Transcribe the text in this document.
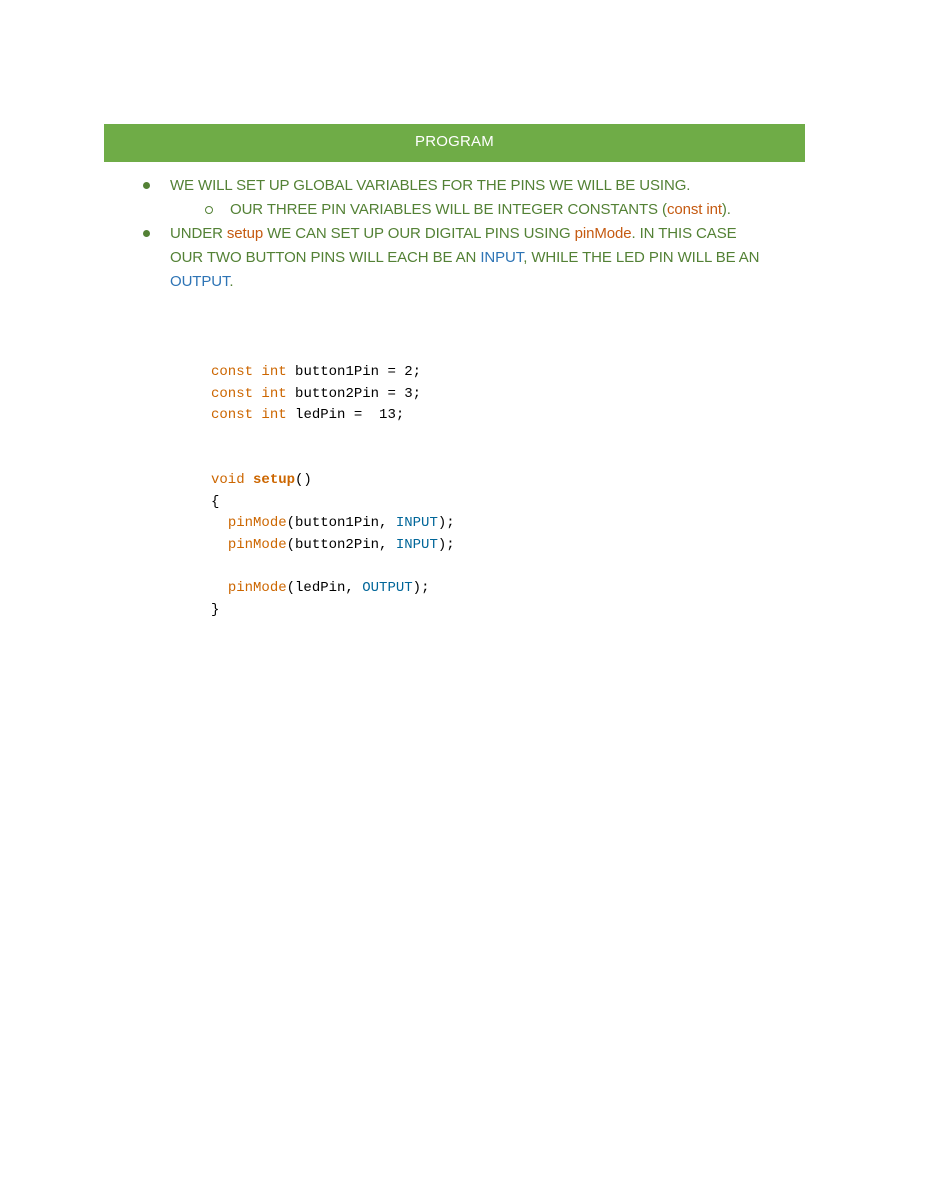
PROGRAM
WE WILL SET UP GLOBAL VARIABLES FOR THE PINS WE WILL BE USING.
OUR THREE PIN VARIABLES WILL BE INTEGER CONSTANTS (const int).
UNDER setup WE CAN SET UP OUR DIGITAL PINS USING pinMode. IN THIS CASE
OUR TWO BUTTON PINS WILL EACH BE AN INPUT, WHILE THE LED PIN WILL BE AN
OUTPUT.
const int button1Pin = 2;
const int button2Pin = 3;
const int ledPin =  13;
void setup()
{
pinMode(button1Pin, INPUT);
pinMode(button2Pin, INPUT);
pinMode(ledPin, OUTPUT);
}
